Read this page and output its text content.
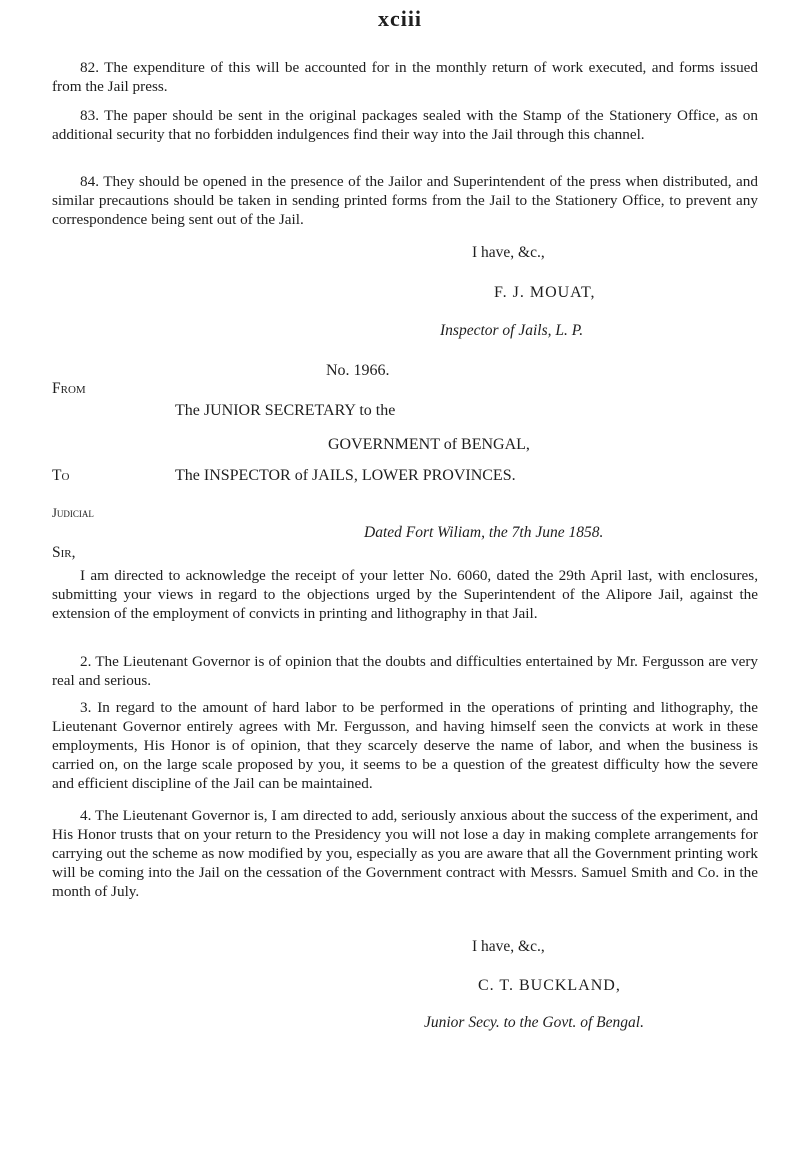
xciii

82. The expenditure of this will be accounted for in the monthly return of work executed, and forms issued from the Jail press.

83. The paper should be sent in the original packages sealed with the Stamp of the Stationery Office, as on additional security that no forbidden indulgences find their way into the Jail through this channel.

84. They should be opened in the presence of the Jailor and Superintendent of the press when distributed, and similar precautions should be taken in sending printed forms from the Jail to the Stationery Office, to prevent any correspondence being sent out of the Jail.

I have, &c.,
F. J. MOUAT,
Inspector of Jails, L. P.
No. 1966.
From
The JUNIOR SECRETARY to the
GOVERNMENT of BENGAL,
To	The INSPECTOR of JAILS, LOWER PROVINCES.
Judicial
Dated Fort Wiliam, the 7th June 1858.
Sir,

I am directed to acknowledge the receipt of your letter No. 6060, dated the 29th April last, with enclosures, submitting your views in regard to the objections urged by the Superintendent of the Alipore Jail, against the extension of the employment of convicts in printing and lithography in that Jail.

2. The Lieutenant Governor is of opinion that the doubts and difficulties entertained by Mr. Fergusson are very real and serious.

3. In regard to the amount of hard labor to be performed in the operations of printing and lithography, the Lieutenant Governor entirely agrees with Mr. Fergusson, and having himself seen the convicts at work in these employments, His Honor is of opinion, that they scarcely deserve the name of labor, and when the business is carried on, on the large scale proposed by you, it seems to be a question of the greatest difficulty how the severe and efficient discipline of the Jail can be maintained.

4. The Lieutenant Governor is, I am directed to add, seriously anxious about the success of the experiment, and His Honor trusts that on your return to the Presidency you will not lose a day in making complete arrangements for carrying out the scheme as now modified by you, especially as you are aware that all the Government printing work will be coming into the Jail on the cessation of the Government contract with Messrs. Samuel Smith and Co. in the month of July.

I have, &c.,
C. T. BUCKLAND,
Junior Secy. to the Govt. of Bengal.
